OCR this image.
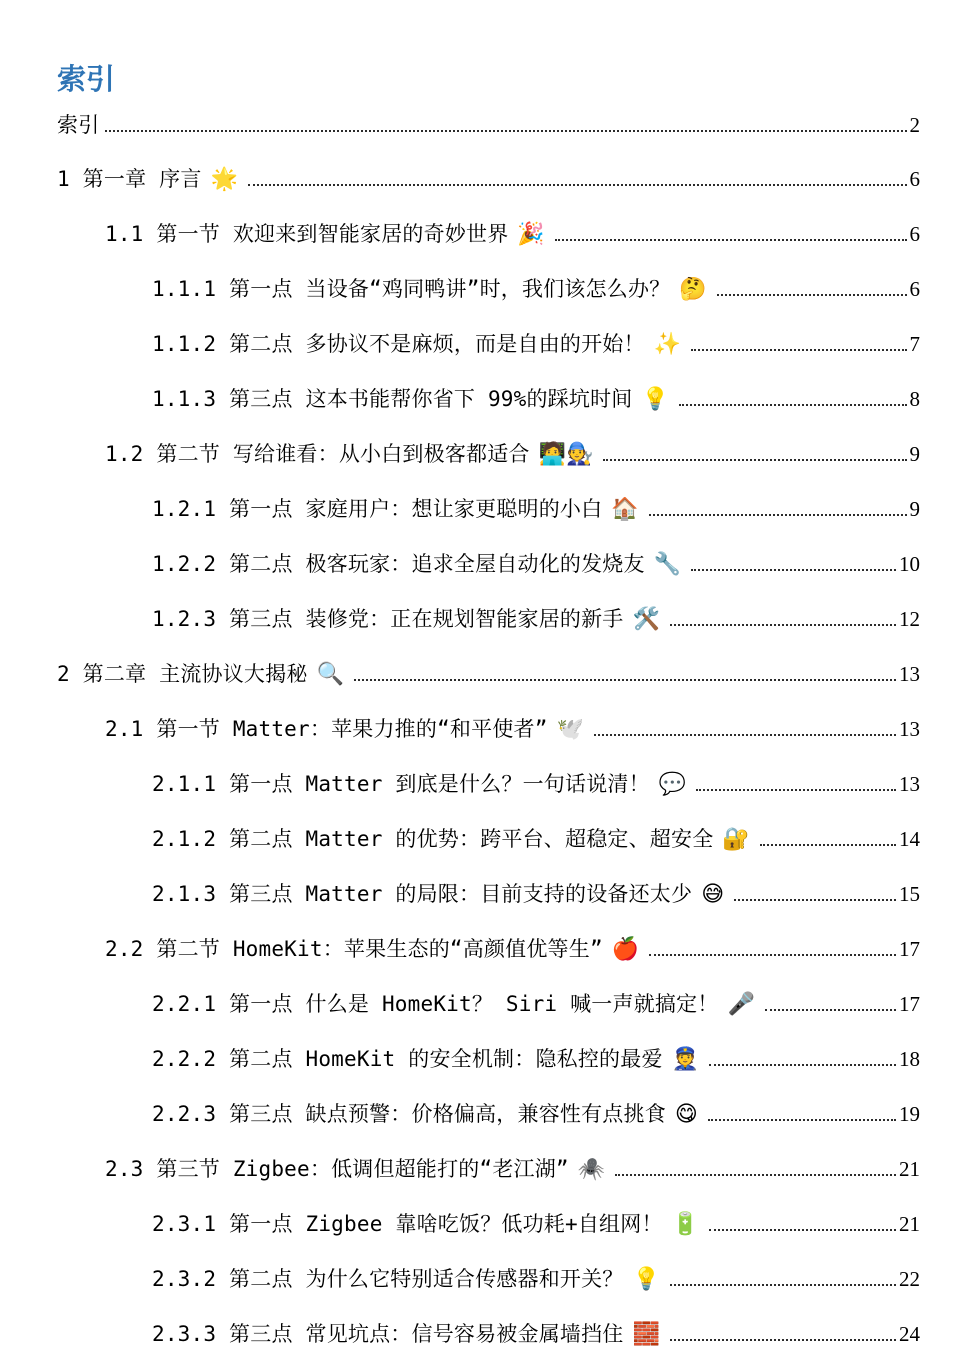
索引
索引	2
1 第一章 序言 🌟	6
1.1 第一节 欢迎来到智能家居的奇妙世界 🎉	6
1.1.1 第一点 当设备“鸡同鸭讲”时，我们该怎么办？ 🤔	6
1.1.2 第二点 多协议不是麻烦，而是自由的开始！ ✨	7
1.1.3 第三点 这本书能帮你省下 99%的踩坑时间 💡	8
1.2 第二节 写给谁看：从小白到极客都适合 🧑‍💻🧑‍🔧	9
1.2.1 第一点 家庭用户：想让家更聪明的小白 🏠	9
1.2.2 第二点 极客玩家：追求全屋自动化的发烧友 🔧	10
1.2.3 第三点 装修党：正在规划智能家居的新手 🛠️	12
2 第二章 主流协议大揭秘 🔍	13
2.1 第一节 Matter：苹果力推的“和平使者” 🕊️	13
2.1.1 第一点 Matter 到底是什么？一句话说清！ 💬	13
2.1.2 第二点 Matter 的优势：跨平台、超稳定、超安全 🔐	14
2.1.3 第三点 Matter 的局限：目前支持的设备还太少 😅	15
2.2 第二节 HomeKit：苹果生态的“高颜值优等生” 🍎	17
2.2.1 第一点 什么是 HomeKit？ Siri 喊一声就搞定！ 🎤	17
2.2.2 第二点 HomeKit 的安全机制：隐私控的最爱 👮	18
2.2.3 第三点 缺点预警：价格偏高，兼容性有点挑食 😋	19
2.3 第三节 Zigbee：低调但超能打的“老江湖” 🕷️	21
2.3.1 第一点 Zigbee 靠啥吃饭？低功耗+自组网！ 🔋	21
2.3.2 第二点 为什么它特别适合传感器和开关？ 💡	22
2.3.3 第三点 常见坑点：信号容易被金属墙挡住 🧱	24
